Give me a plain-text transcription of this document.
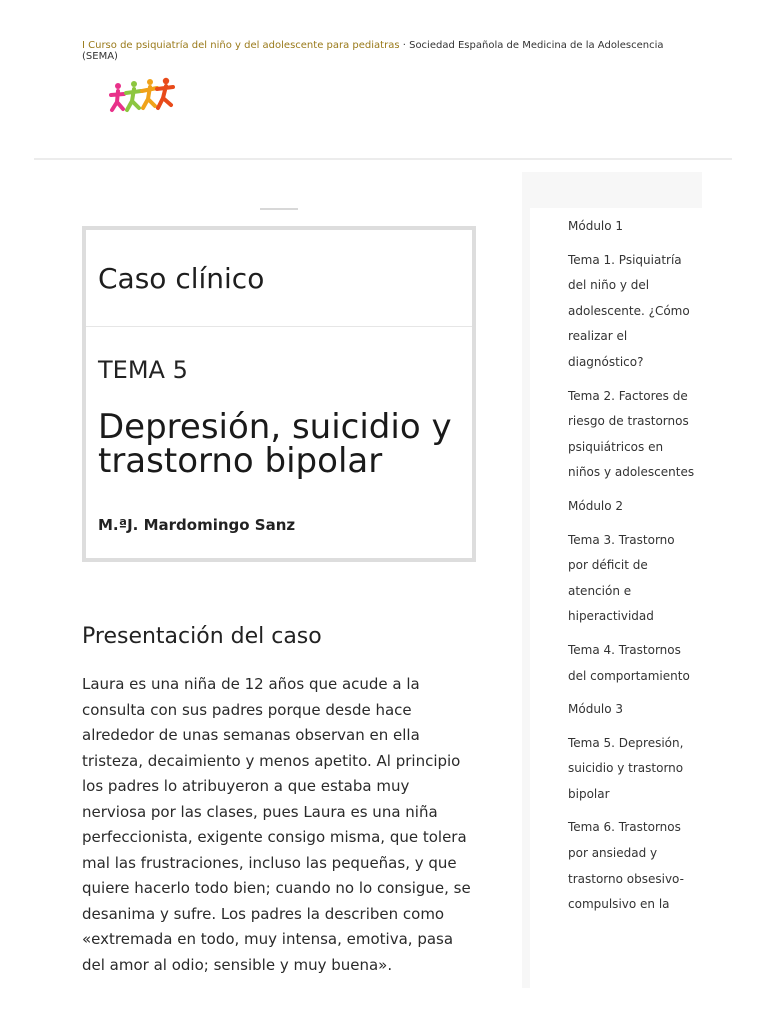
I Curso de psiquiatría del niño y del adolescente para pediatras · Sociedad Española de Medicina de la Adolescencia (SEMA)
Caso clínico
TEMA 5
Depresión, suicidio y trastorno bipolar
M.ªJ. Mardomingo Sanz
Presentación del caso
Laura es una niña de 12 años que acude a la consulta con sus padres porque desde hace alrededor de unas semanas observan en ella tristeza, decaimiento y menos apetito. Al principio los padres lo atribuyeron a que estaba muy nerviosa por las clases, pues Laura es una niña perfeccionista, exigente consigo misma, que tolera mal las frustraciones, incluso las pequeñas, y que quiere hacerlo todo bien; cuando no lo consigue, se desanima y sufre. Los padres la describen como «extremada en todo, muy intensa, emotiva, pasa del amor al odio; sensible y muy buena».
Módulo 1
Tema 1. Psiquiatría del niño y del adolescente. ¿Cómo realizar el diagnóstico?
Tema 2. Factores de riesgo de trastornos psiquiátricos en niños y adolescentes
Módulo 2
Tema 3. Trastorno por déficit de atención e hiperactividad
Tema 4. Trastornos del comportamiento
Módulo 3
Tema 5. Depresión, suicidio y trastorno bipolar
Tema 6. Trastornos por ansiedad y trastorno obsesivo-compulsivo en la
